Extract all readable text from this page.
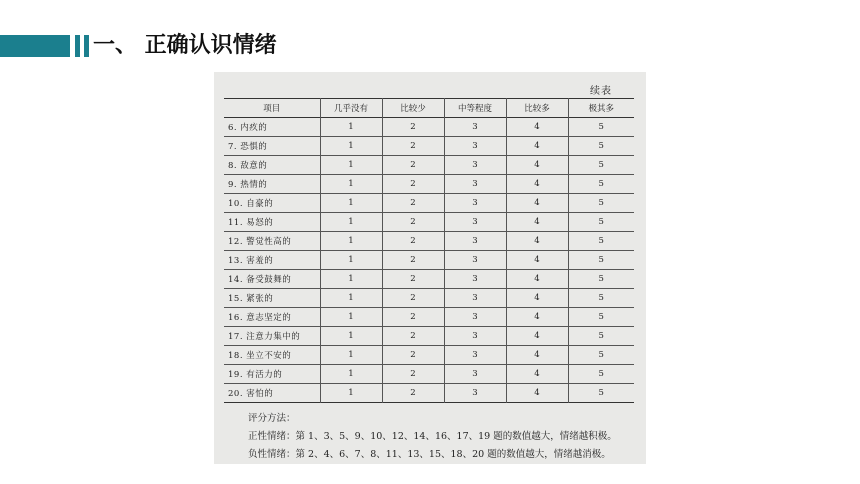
一、 正确认识情绪
续表
项目	几乎没有	比较少	中等程度	比较多	极其多
6. 内疚的	1	2	3	4	5
7. 恐惧的	1	2	3	4	5
8. 敌意的	1	2	3	4	5
9. 热情的	1	2	3	4	5
10. 自豪的	1	2	3	4	5
11. 易怒的	1	2	3	4	5
12. 警觉性高的	1	2	3	4	5
13. 害羞的	1	2	3	4	5
14. 备受鼓舞的	1	2	3	4	5
15. 紧张的	1	2	3	4	5
16. 意志坚定的	1	2	3	4	5
17. 注意力集中的	1	2	3	4	5
18. 坐立不安的	1	2	3	4	5
19. 有活力的	1	2	3	4	5
20. 害怕的	1	2	3	4	5
评分方法：
正性情绪：第 1、3、5、9、10、12、14、16、17、19 题的数值越大，情绪越积极。
负性情绪：第 2、4、6、7、8、11、13、15、18、20 题的数值越大，情绪越消极。
